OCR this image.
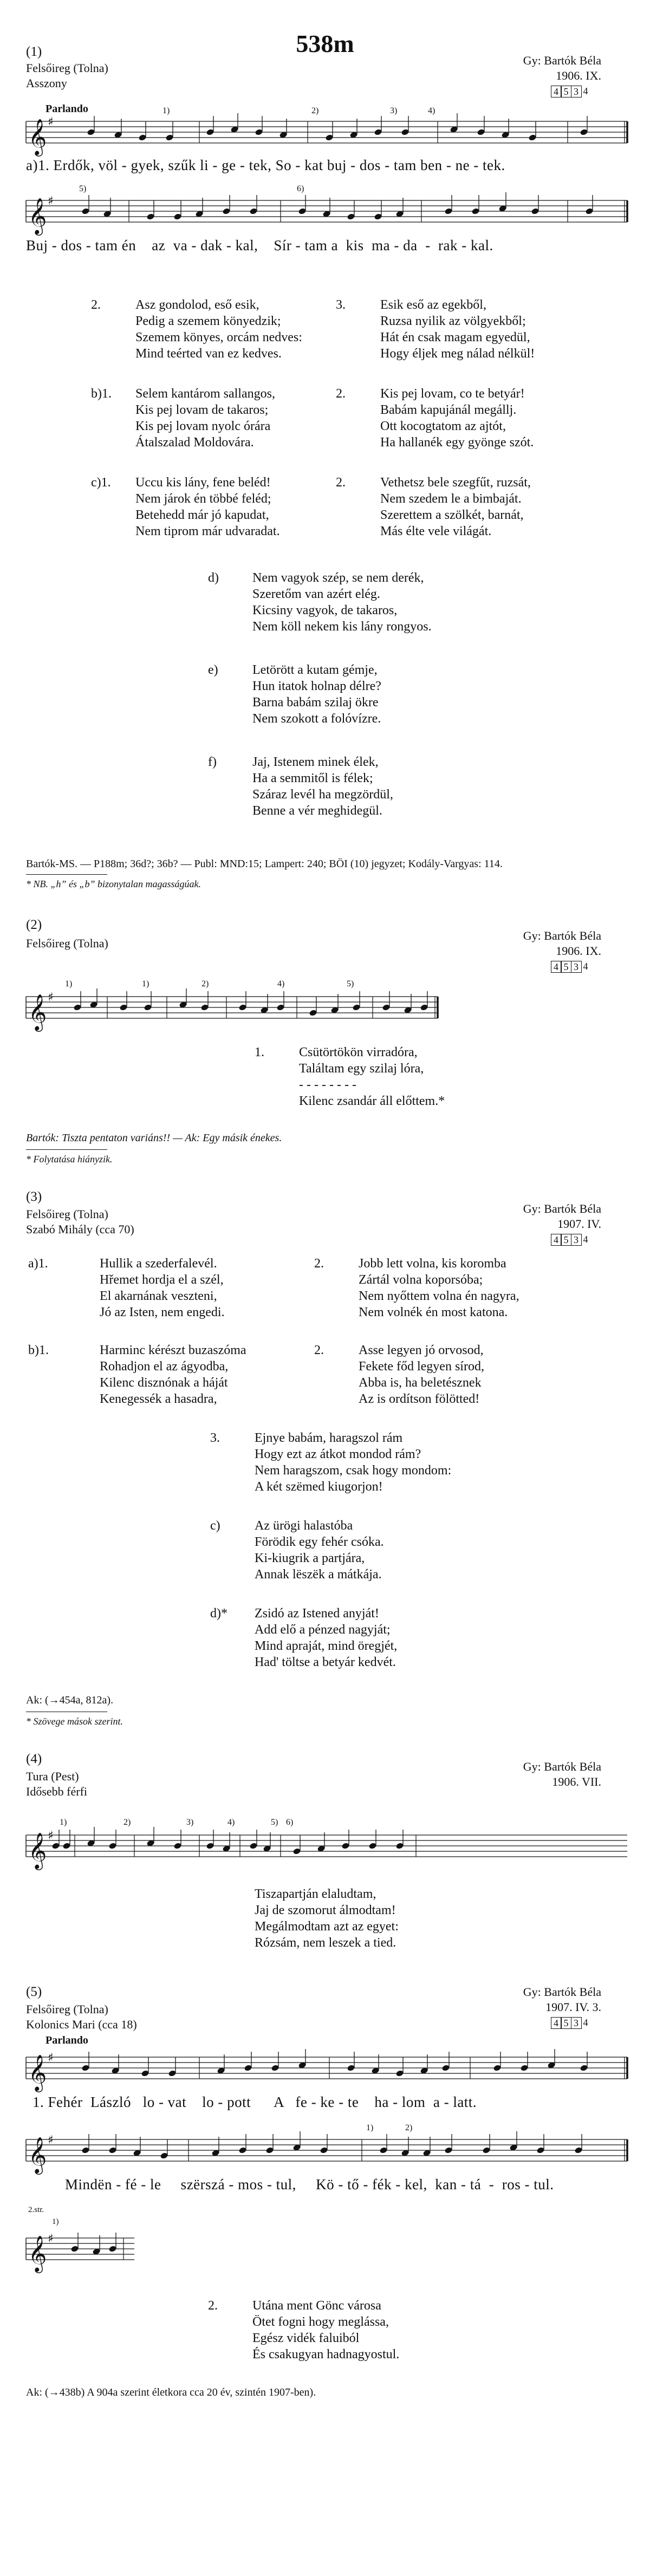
538m
(1)
Felsőireg (Tolna)
Asszony
Gy: Bartók Béla
1906. IX.
4 5 3 4
Parlando
𝄞 ♯
1)	2)	3)	4)
a)1. Erdők, völ - gyek, szűk li - ge - tek, So - kat buj - dos - tam ben - ne - tek.
𝄞 ♯
5)	6)
Buj - dos - tam én    az  va - dak - kal,    Sír - tam a  kis  ma - da  -  rak - kal.
2.	Asz gondolod, eső esik,
Pedig a szemem könyedzik;
Szemem könyes, orcám nedves:
Mind teérted van ez kedves.
3.	Esik eső az egekből,
Ruzsa nyilik az völgyekből;
Hát én csak magam egyedül,
Hogy éljek meg nálad nélkül!
b)1. Selem kantárom sallangos,
Kis pej lovam de takaros;
Kis pej lovam nyolc órára
Átalszalad Moldovára.
2.	Kis pej lovam, co te betyár!
Babám kapujánál megállj.
Ott kocogtatom az ajtót,
Ha hallanék egy gyönge szót.
c)1. Uccu kis lány, fene beléd!
Nem járok én többé feléd;
Betehedd már jó kapudat,
Nem tiprom már udvaradat.
2.	Vethetsz bele szegfűt, ruzsát,
Nem szedem le a bimbaját.
Szerettem a szölkét, barnát,
Más élte vele világát.
d)	Nem vagyok szép, se nem derék,
Szeretőm van azért elég.
Kicsiny vagyok, de takaros,
Nem köll nekem kis lány rongyos.
e)	Letörött a kutam gémje,
Hun itatok holnap délre?
Barna babám szilaj ökre
Nem szokott a folóvízre.
f)	Jaj, Istenem minek élek,
Ha a semmitől is félek;
Száraz levél ha megzördül,
Benne a vér meghidegül.
Bartók-MS. — P188m; 36d?; 36b? — Publ: MND:15; Lampert: 240; BÖI (10) jegyzet; Kodály-Vargyas: 114.
* NB. „h” és „b” bizonytalan magasságúak.
(2)
Felsőireg (Tolna)
Gy: Bartók Béla
1906. IX.
4 5 3 4
𝄞 ♯
1)	1)	2)	4)	5)
1.	Csütörtökön virradóra,
Találtam egy szilaj lóra,
- - - - - - - -
Kilenc zsandár áll előttem.*
Bartók: Tiszta pentaton variáns!! — Ak: Egy másik énekes.
* Folytatása hiányzik.
(3)
Felsőireg (Tolna)
Szabó Mihály (cca 70)
Gy: Bartók Béla
1907. IV.
4 5 3 4
a)1.	Hullik a szederfalevél.
Hřemet hordja el a szél,
El akarnának veszteni,
Jó az Isten, nem engedi.
2.	Jobb lett volna, kis koromba
Zártál volna koporsóba;
Nem nyőttem volna én nagyra,
Nem volnék én most katona.
b)1.	Harminc kérészt buzaszóma
Rohadjon el az ágyodba,
Kilenc disznónak a háját
Kenegessék a hasadra,
2.	Asse legyen jó orvosod,
Fekete főd legyen sírod,
Abba is, ha beletésznek
Az is ordítson fölötted!
3.	Ejnye babám, haragszol rám
Hogy ezt az átkot mondod rám?
Nem haragszom, csak hogy mondom:
A két szëmed kiugorjon!
c)	Az ürögi halastóba
Förödik egy fehér csóka.
Ki-kiugrik a partjára,
Annak lëszëk a mátkája.
d)* Zsidó az Istened anyját!
Add elő a pénzed nagyját;
Mind apraját, mind öregjét,
Had' töltse a betyár kedvét.
Ak: (→454a, 812a).
* Szövege mások szerint.
(4)
Tura (Pest)
Idősebb férfi
Gy: Bartók Béla
1906. VII.
𝄞 ♯
1)	2)	3)	4)	5) 6)
Tiszapartján elaludtam,
Jaj de szomorut álmodtam!
Megálmodtam azt az egyet:
Rózsám, nem leszek a tied.
(5)
Felsőireg (Tolna)
Kolonics Mari (cca 18)
Gy: Bartók Béla
1907. IV. 3.
4 5 3 4
Parlando
𝄞 ♯
1. Fehér  László   lo - vat    lo - pott      A   fe - ke - te    ha - lom  a - latt.
𝄞 ♯
1)	2)
Mindën - fé - le     szërszá - mos - tul,     Kö - tő - fék - kel,  kan - tá  -  ros - tul.
2.str.
1)
𝄞 ♯
2.	Utána ment Gönc városa
Ötet fogni hogy meglássa,
Egész vidék faluiból
És csakugyan hadnagyostul.
Ak: (→438b) A 904a szerint életkora cca 20 év, szintén 1907-ben).
